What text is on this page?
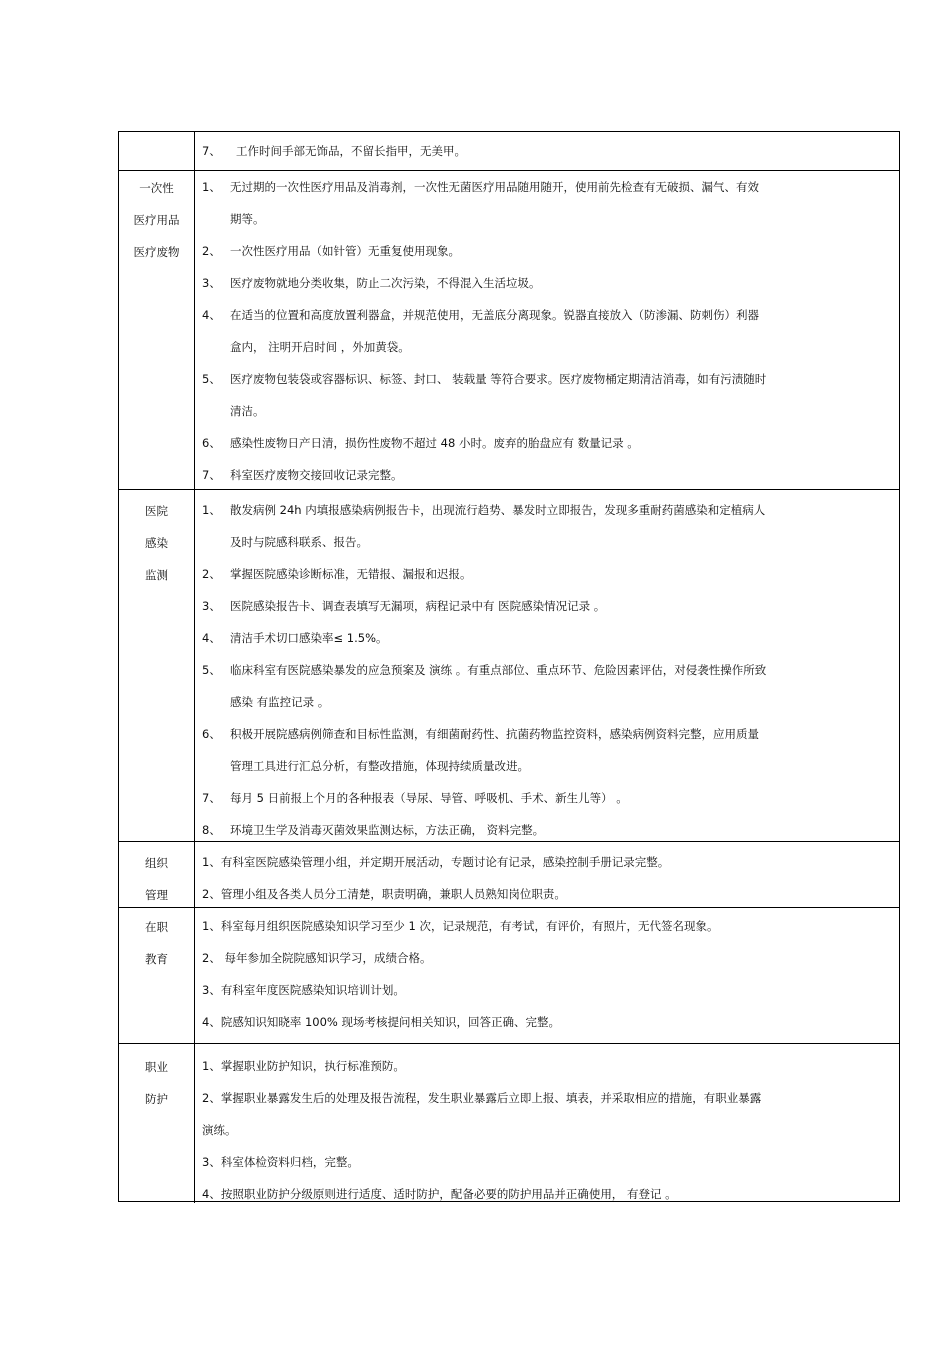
7、 工作时间手部无饰品，不留长指甲，无美甲。
一次性
医疗用品
医疗废物
1、 无过期的一次性医疗用品及消毒剂，一次性无菌医疗用品随用随开，使用前先检查有无破损、漏气、有效
期等。
2、 一次性医疗用品（如针管）无重复使用现象。
3、 医疗废物就地分类收集，防止二次污染，不得混入生活垃圾。
4、 在适当的位置和高度放置利器盒，并规范使用，无盖底分离现象。锐器直接放入（防渗漏、防刺伤）利器
盒内， 注明开启时间 ，外加黄袋。
5、 医疗废物包装袋或容器标识、标签、封口、 装载量 等符合要求。医疗废物桶定期清洁消毒，如有污渍随时
清洁。
6、 感染性废物日产日清，损伤性废物不超过 48 小时。废弃的胎盘应有 数量记录 。
7、 科室医疗废物交接回收记录完整。
医院
感染
监测
1、 散发病例 24h 内填报感染病例报告卡，出现流行趋势、暴发时立即报告，发现多重耐药菌感染和定植病人
及时与院感科联系、报告。
2、 掌握医院感染诊断标准，无错报、漏报和迟报。
3、 医院感染报告卡、调查表填写无漏项，病程记录中有 医院感染情况记录 。
4、 清洁手术切口感染率≤ 1.5%。
5、 临床科室有医院感染暴发的应急预案及 演练 。有重点部位、重点环节、危险因素评估，对侵袭性操作所致
感染 有监控记录 。
6、 积极开展院感病例筛查和目标性监测，有细菌耐药性、抗菌药物监控资料，感染病例资料完整，应用质量
管理工具进行汇总分析，有整改措施，体现持续质量改进。
7、 每月 5 日前报上个月的各种报表（导尿、导管、呼吸机、手术、新生儿等） 。
8、 环境卫生学及消毒灭菌效果监测达标，方法正确， 资料完整。
组织
管理
1、有科室医院感染管理小组，并定期开展活动，专题讨论有记录，感染控制手册记录完整。
2、管理小组及各类人员分工清楚，职责明确，兼职人员熟知岗位职责。
在职
教育
1、科室每月组织医院感染知识学习至少 1 次，记录规范，有考试，有评价，有照片，无代签名现象。
2、 每年参加全院院感知识学习，成绩合格。
3、有科室年度医院感染知识培训计划。
4、院感知识知晓率 100% 现场考核提问相关知识，回答正确、完整。
职业
防护
1、掌握职业防护知识，执行标准预防。
2、掌握职业暴露发生后的处理及报告流程，发生职业暴露后立即上报、填表，并采取相应的措施，有职业暴露
演练。
3、科室体检资料归档，完整。
4、按照职业防护分级原则进行适度、适时防护，配备必要的防护用品并正确使用， 有登记 。
